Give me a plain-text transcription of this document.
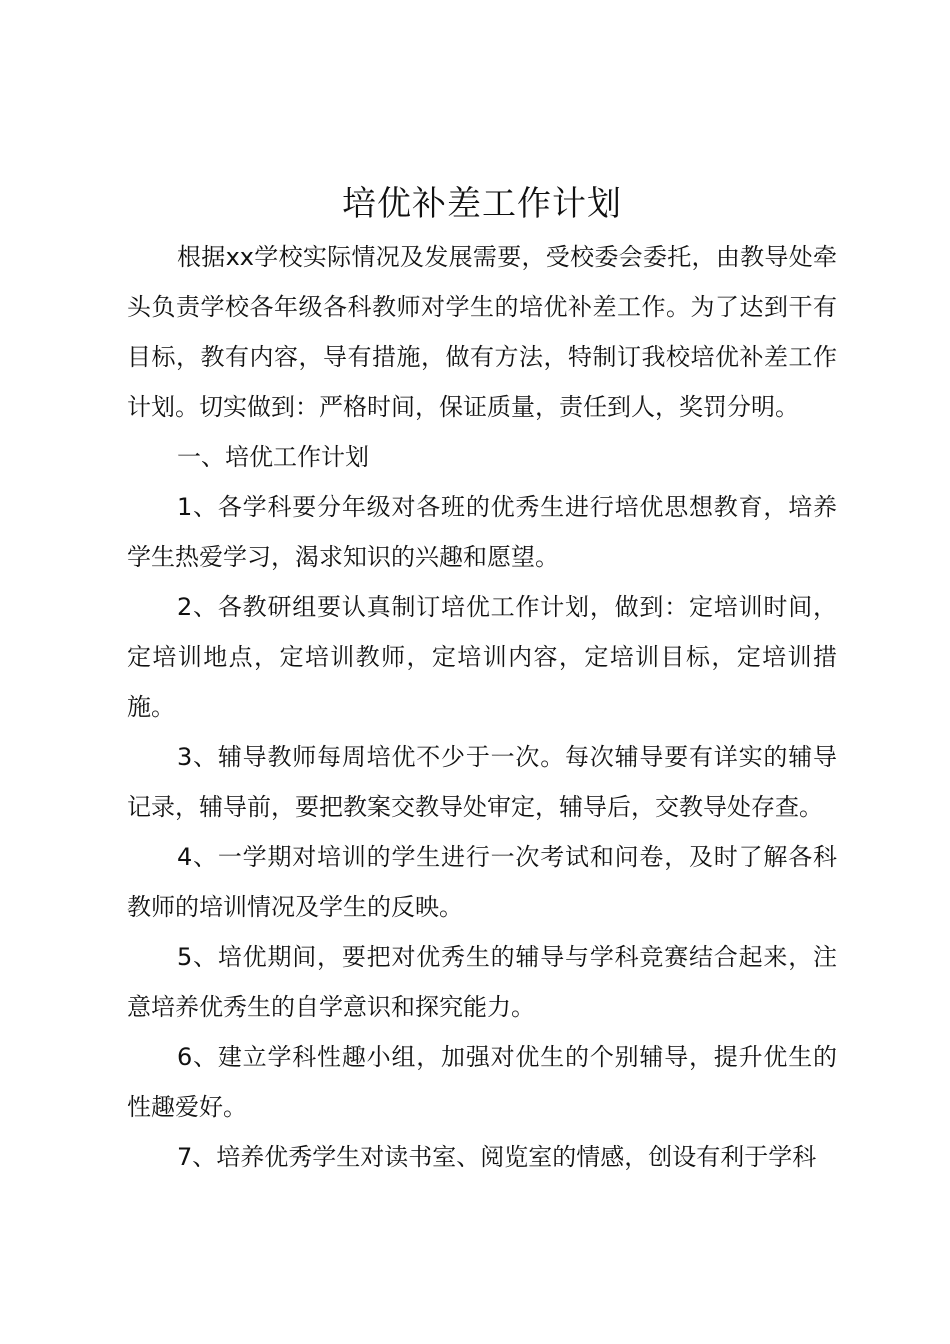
培优补差工作计划

根据xx学校实际情况及发展需要，受校委会委托，由教导处牵头负责学校各年级各科教师对学生的培优补差工作。为了达到干有目标，教有内容，导有措施，做有方法，特制订我校培优补差工作计划。切实做到：严格时间，保证质量，责任到人，奖罚分明。

一、培优工作计划

1、各学科要分年级对各班的优秀生进行培优思想教育，培养学生热爱学习，渴求知识的兴趣和愿望。

2、各教研组要认真制订培优工作计划，做到：定培训时间，定培训地点，定培训教师，定培训内容，定培训目标，定培训措施。

3、辅导教师每周培优不少于一次。每次辅导要有详实的辅导记录，辅导前，要把教案交教导处审定，辅导后，交教导处存查。

4、一学期对培训的学生进行一次考试和问卷，及时了解各科教师的培训情况及学生的反映。

5、培优期间，要把对优秀生的辅导与学科竞赛结合起来，注意培养优秀生的自学意识和探究能力。

6、建立学科性趣小组，加强对优生的个别辅导，提升优生的性趣爱好。

7、培养优秀学生对读书室、阅览室的情感，创设有利于学科
